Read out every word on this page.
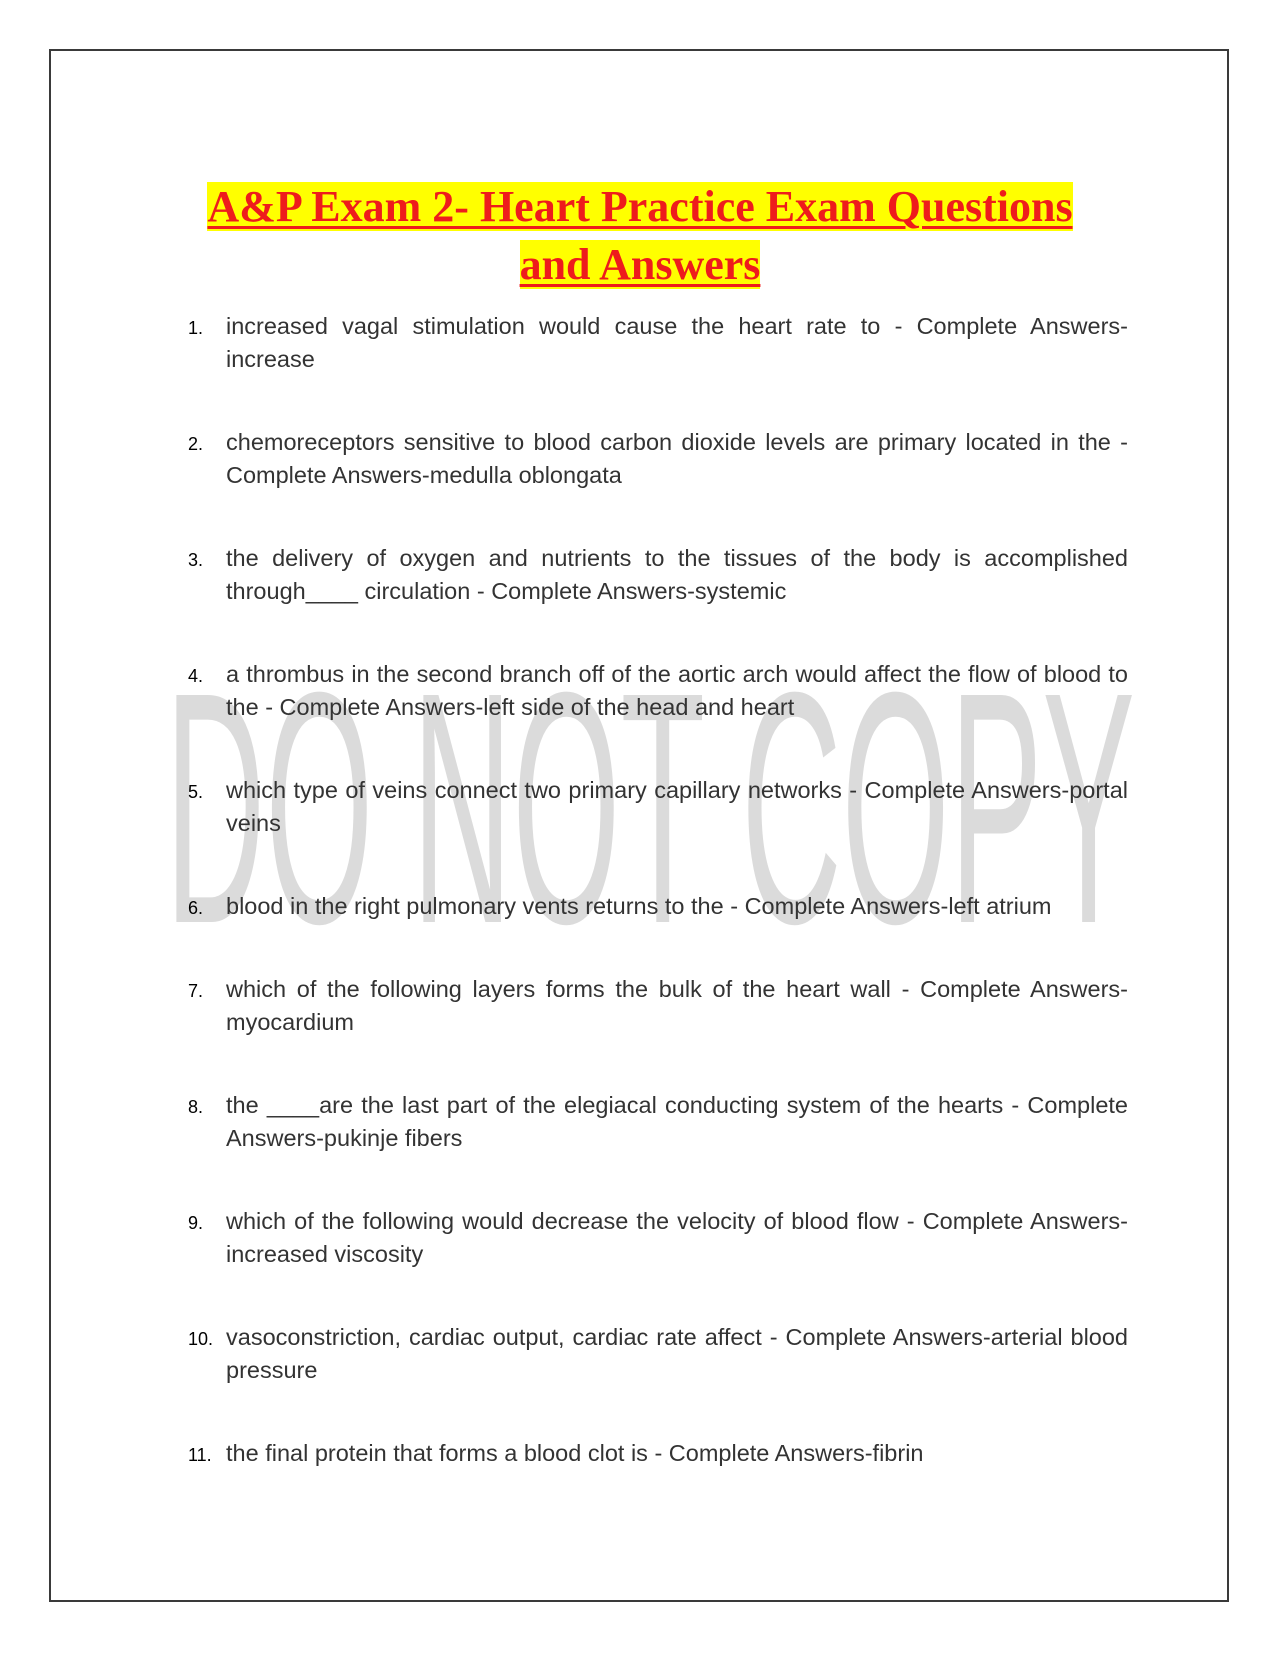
DO NOT COPY
A&P Exam 2- Heart Practice Exam Questions
and Answers
1. increased vagal stimulation would cause the heart rate to - Complete Answers-increase
2. chemoreceptors sensitive to blood carbon dioxide levels are primary located in the - Complete Answers-medulla oblongata
3. the delivery of oxygen and nutrients to the tissues of the body is accomplished through____ circulation - Complete Answers-systemic
4. a thrombus in the second branch off of the aortic arch would affect the flow of blood to the - Complete Answers-left side of the head and heart
5. which type of veins connect two primary capillary networks - Complete Answers-portal veins
6. blood in the right pulmonary vents returns to the - Complete Answers-left atrium
7. which of the following layers forms the bulk of the heart wall - Complete Answers-myocardium
8. the ____are the last part of the elegiacal conducting system of the hearts - Complete Answers-pukinje fibers
9. which of the following would decrease the velocity of blood flow - Complete Answers-increased viscosity
10. vasoconstriction, cardiac output, cardiac rate affect - Complete Answers-arterial blood pressure
11. the final protein that forms a blood clot is - Complete Answers-fibrin
